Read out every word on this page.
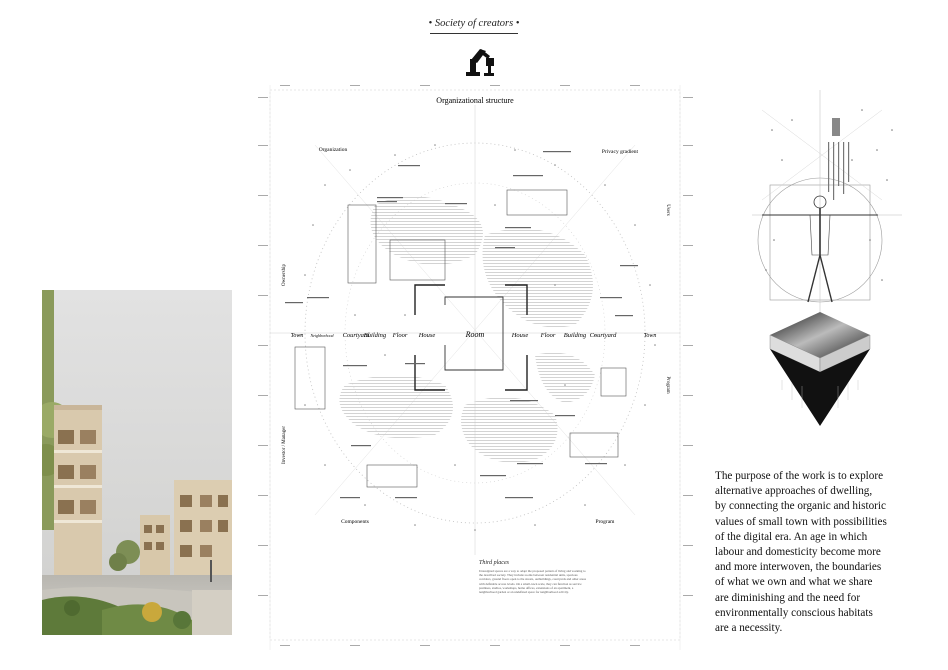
• Society of creators •
Organizational structure
Organization	Privacy gradient
Components	Program
Ownership
Investor / Manager
Users
Program
Town Neighborhood Courtyard
Building Floor House	Room	House Floor Building Courtyard	Town
Third places
Unassigned spaces are a way to adapt the proposed pattern of living and working to the described society. They include rooms between residential units, spacious corridors, ground floors open to the streets, outbuildings, courtyards and other areas with definable access levels. On a small-town scale, they can function as service premises, studios, workshops, home offices, extensions of an apartment, a neighborhood garden or an undefined space for neighborhood activity.
The purpose of the work is to explore
alternative approaches of dwelling,
by connecting the organic and historic
values of small town with possibilities
of the digital era. An age in which
labour and domesticity become more
and more interwoven, the boundaries
of what we own and what we share
are diminishing and the need for
environmentally conscious habitats
are a necessity.
